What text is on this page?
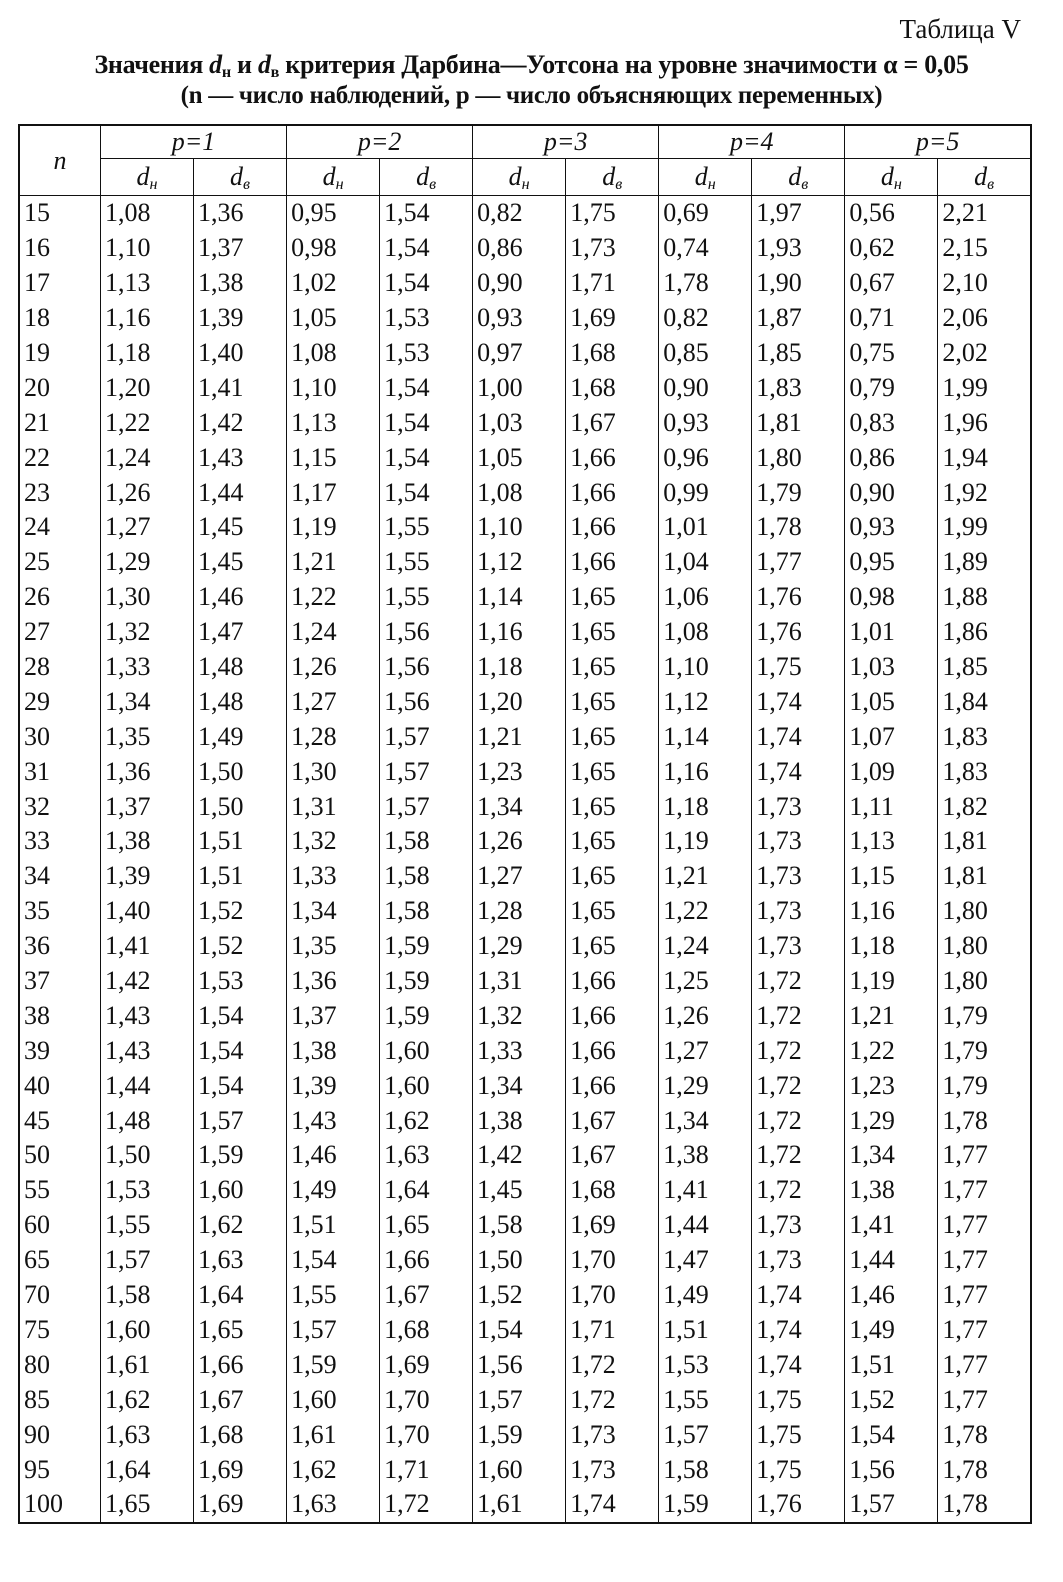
Таблица V
Значения $d_н$ и $d_в$ критерия Дарбина—Уотсона на уровне значимости α = 0,05
(n — число наблюдений, p — число объясняющих переменных)
n	p=1		p=2		p=3		p=4		p=5	
	$d_н$	$d_в$	$d_н$	$d_в$	$d_н$	$d_в$	$d_н$	$d_в$	$d_н$	$d_в$
15	1,08	1,36	0,95	1,54	0,82	1,75	0,69	1,97	0,56	2,21
16	1,10	1,37	0,98	1,54	0,86	1,73	0,74	1,93	0,62	2,15
17	1,13	1,38	1,02	1,54	0,90	1,71	1,78	1,90	0,67	2,10
18	1,16	1,39	1,05	1,53	0,93	1,69	0,82	1,87	0,71	2,06
19	1,18	1,40	1,08	1,53	0,97	1,68	0,85	1,85	0,75	2,02
20	1,20	1,41	1,10	1,54	1,00	1,68	0,90	1,83	0,79	1,99
21	1,22	1,42	1,13	1,54	1,03	1,67	0,93	1,81	0,83	1,96
22	1,24	1,43	1,15	1,54	1,05	1,66	0,96	1,80	0,86	1,94
23	1,26	1,44	1,17	1,54	1,08	1,66	0,99	1,79	0,90	1,92
24	1,27	1,45	1,19	1,55	1,10	1,66	1,01	1,78	0,93	1,99
25	1,29	1,45	1,21	1,55	1,12	1,66	1,04	1,77	0,95	1,89
26	1,30	1,46	1,22	1,55	1,14	1,65	1,06	1,76	0,98	1,88
27	1,32	1,47	1,24	1,56	1,16	1,65	1,08	1,76	1,01	1,86
28	1,33	1,48	1,26	1,56	1,18	1,65	1,10	1,75	1,03	1,85
29	1,34	1,48	1,27	1,56	1,20	1,65	1,12	1,74	1,05	1,84
30	1,35	1,49	1,28	1,57	1,21	1,65	1,14	1,74	1,07	1,83
31	1,36	1,50	1,30	1,57	1,23	1,65	1,16	1,74	1,09	1,83
32	1,37	1,50	1,31	1,57	1,34	1,65	1,18	1,73	1,11	1,82
33	1,38	1,51	1,32	1,58	1,26	1,65	1,19	1,73	1,13	1,81
34	1,39	1,51	1,33	1,58	1,27	1,65	1,21	1,73	1,15	1,81
35	1,40	1,52	1,34	1,58	1,28	1,65	1,22	1,73	1,16	1,80
36	1,41	1,52	1,35	1,59	1,29	1,65	1,24	1,73	1,18	1,80
37	1,42	1,53	1,36	1,59	1,31	1,66	1,25	1,72	1,19	1,80
38	1,43	1,54	1,37	1,59	1,32	1,66	1,26	1,72	1,21	1,79
39	1,43	1,54	1,38	1,60	1,33	1,66	1,27	1,72	1,22	1,79
40	1,44	1,54	1,39	1,60	1,34	1,66	1,29	1,72	1,23	1,79
45	1,48	1,57	1,43	1,62	1,38	1,67	1,34	1,72	1,29	1,78
50	1,50	1,59	1,46	1,63	1,42	1,67	1,38	1,72	1,34	1,77
55	1,53	1,60	1,49	1,64	1,45	1,68	1,41	1,72	1,38	1,77
60	1,55	1,62	1,51	1,65	1,58	1,69	1,44	1,73	1,41	1,77
65	1,57	1,63	1,54	1,66	1,50	1,70	1,47	1,73	1,44	1,77
70	1,58	1,64	1,55	1,67	1,52	1,70	1,49	1,74	1,46	1,77
75	1,60	1,65	1,57	1,68	1,54	1,71	1,51	1,74	1,49	1,77
80	1,61	1,66	1,59	1,69	1,56	1,72	1,53	1,74	1,51	1,77
85	1,62	1,67	1,60	1,70	1,57	1,72	1,55	1,75	1,52	1,77
90	1,63	1,68	1,61	1,70	1,59	1,73	1,57	1,75	1,54	1,78
95	1,64	1,69	1,62	1,71	1,60	1,73	1,58	1,75	1,56	1,78
100	1,65	1,69	1,63	1,72	1,61	1,74	1,59	1,76	1,57	1,78
